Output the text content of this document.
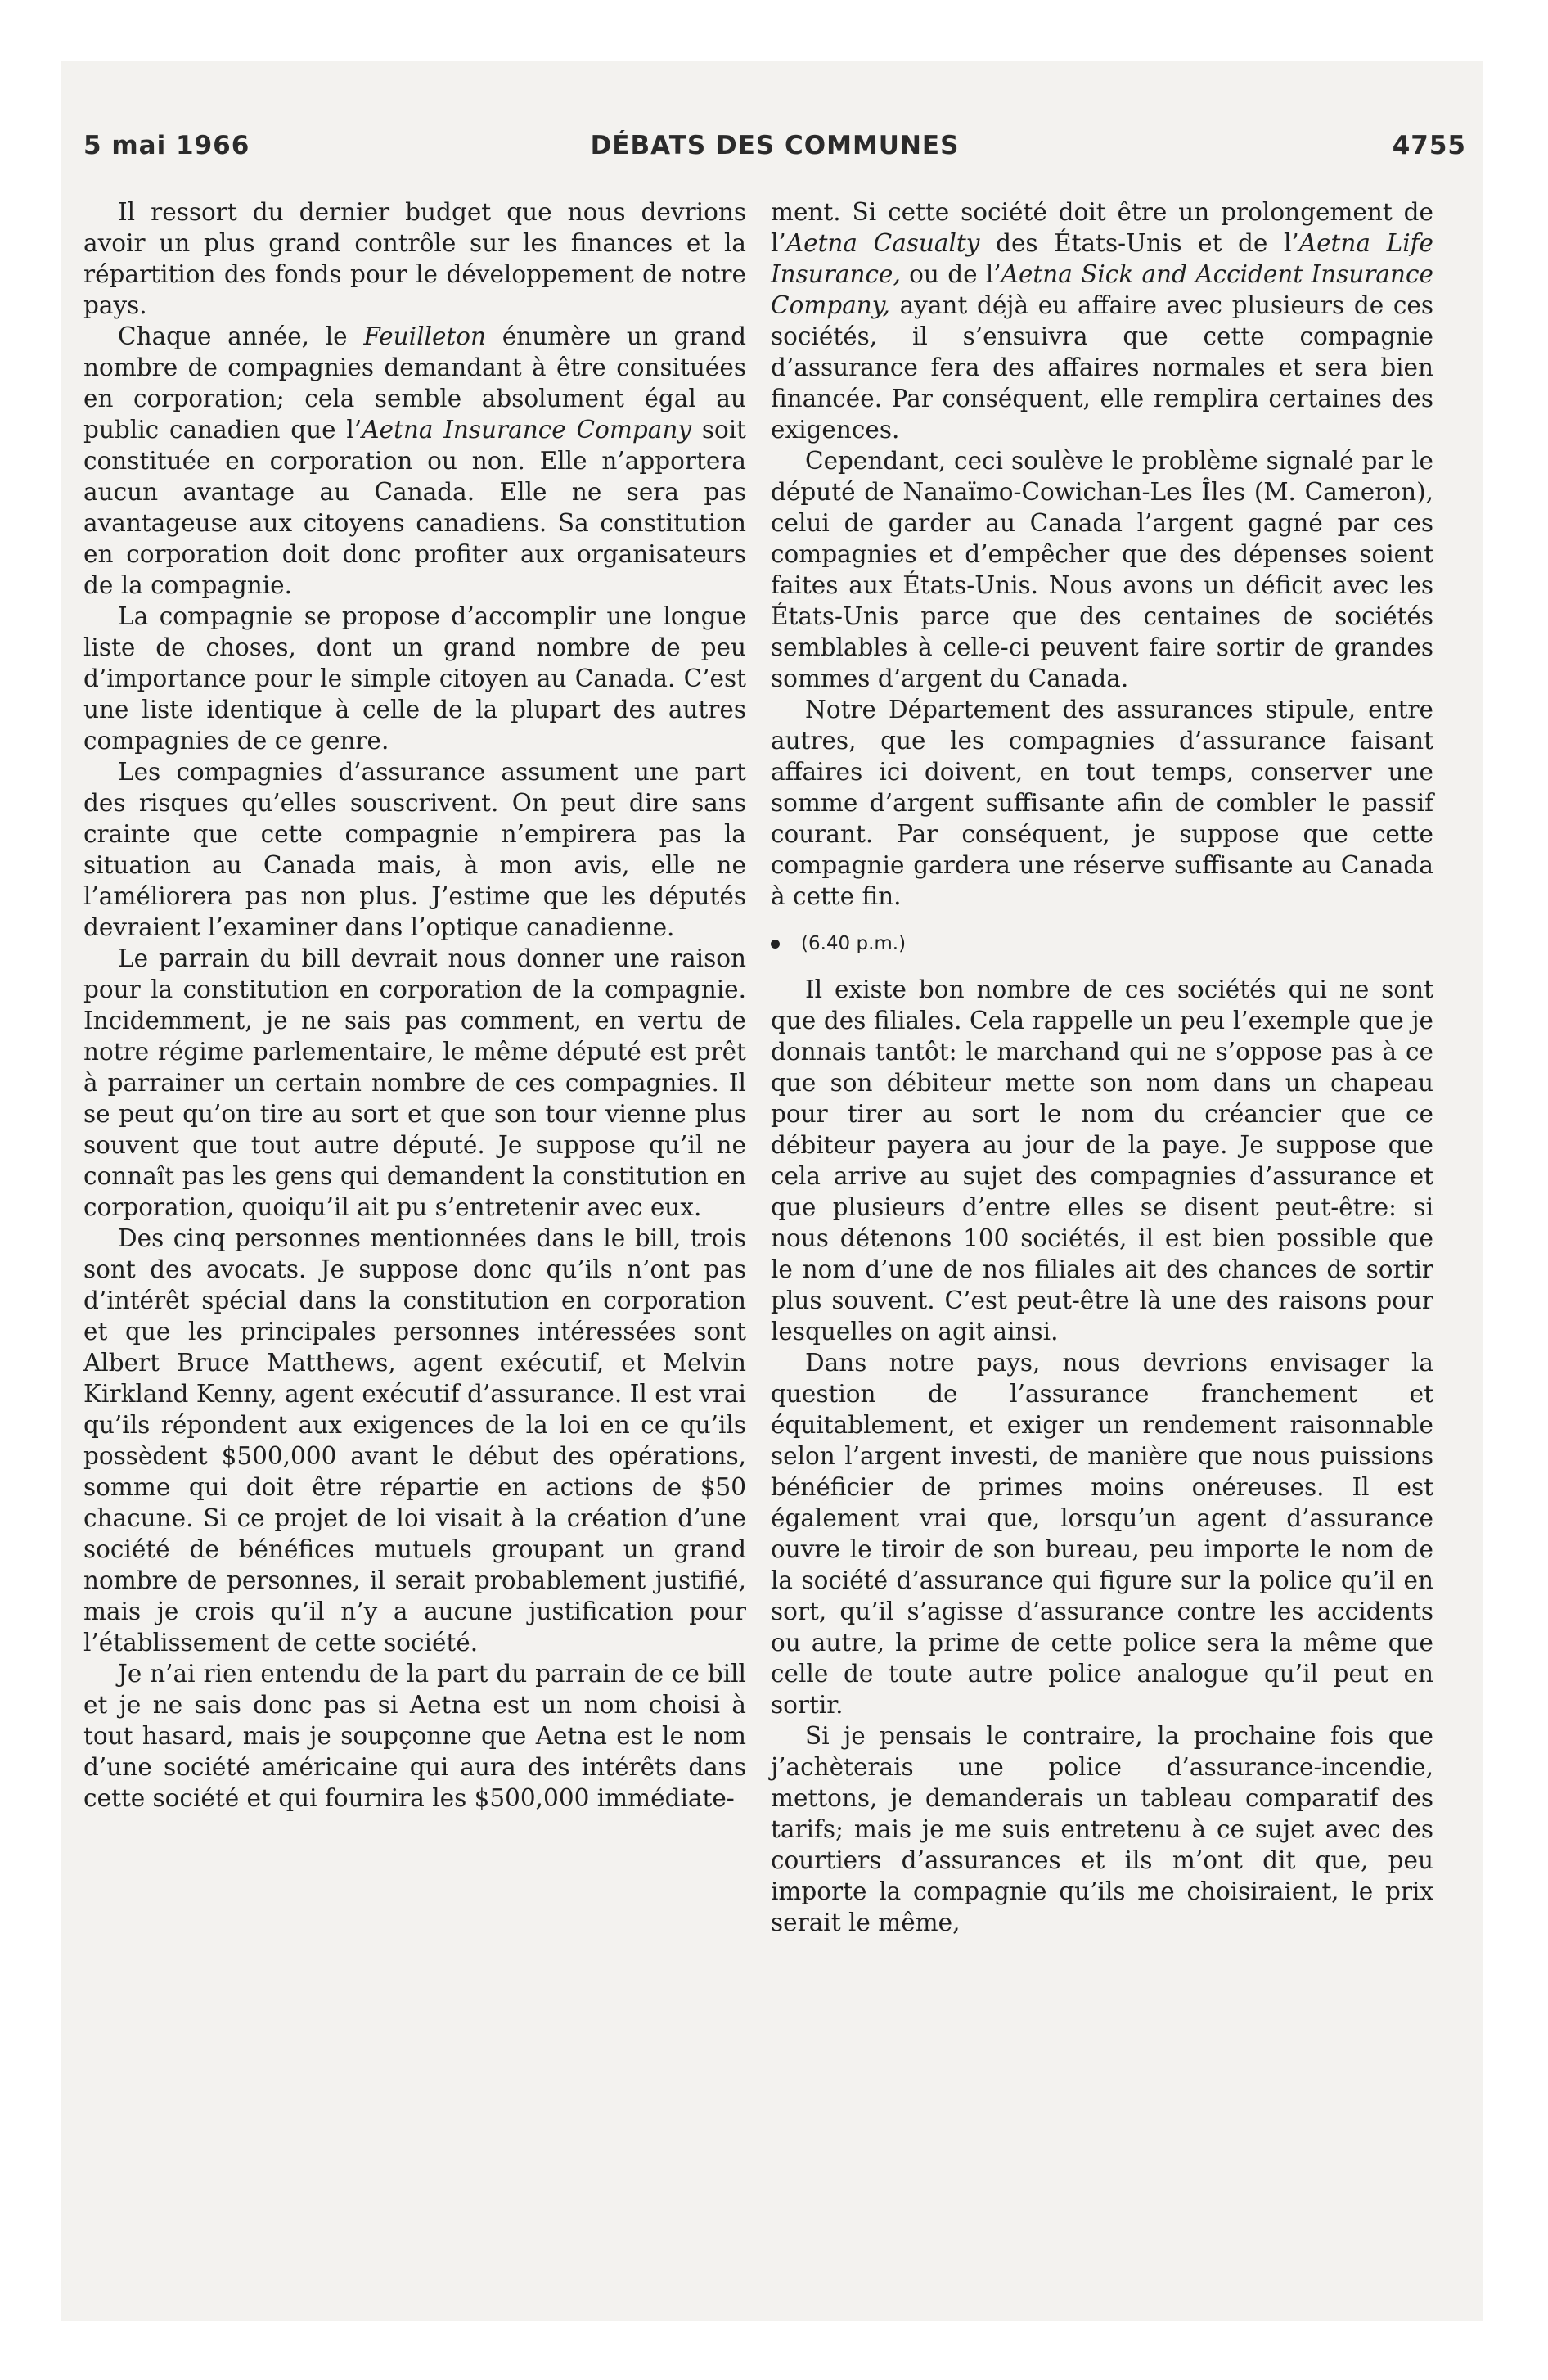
5 mai 1966	DÉBATS DES COMMUNES	4755

Il ressort du dernier budget que nous devrions avoir un plus grand contrôle sur les finances et la répartition des fonds pour le développement de notre pays.

Chaque année, le Feuilleton énumère un grand nombre de compagnies demandant à être consituées en corporation; cela semble absolument égal au public canadien que l’Aetna Insurance Company soit constituée en corporation ou non. Elle n’apportera aucun avantage au Canada. Elle ne sera pas avantageuse aux citoyens canadiens. Sa constitution en corporation doit donc profiter aux organisateurs de la compagnie.

La compagnie se propose d’accomplir une longue liste de choses, dont un grand nombre de peu d’importance pour le simple citoyen au Canada. C’est une liste identique à celle de la plupart des autres compagnies de ce genre.

Les compagnies d’assurance assument une part des risques qu’elles souscrivent. On peut dire sans crainte que cette compagnie n’empirera pas la situation au Canada mais, à mon avis, elle ne l’améliorera pas non plus. J’estime que les députés devraient l’examiner dans l’optique canadienne.

Le parrain du bill devrait nous donner une raison pour la constitution en corporation de la compagnie. Incidemment, je ne sais pas comment, en vertu de notre régime parlementaire, le même député est prêt à parrainer un certain nombre de ces compagnies. Il se peut qu’on tire au sort et que son tour vienne plus souvent que tout autre député. Je suppose qu’il ne connaît pas les gens qui demandent la constitution en corporation, quoiqu’il ait pu s’entretenir avec eux.

Des cinq personnes mentionnées dans le bill, trois sont des avocats. Je suppose donc qu’ils n’ont pas d’intérêt spécial dans la constitution en corporation et que les principales personnes intéressées sont Albert Bruce Matthews, agent exécutif, et Melvin Kirkland Kenny, agent exécutif d’assurance. Il est vrai qu’ils répondent aux exigences de la loi en ce qu’ils possèdent $500,000 avant le début des opérations, somme qui doit être répartie en actions de $50 chacune. Si ce projet de loi visait à la création d’une société de bénéfices mutuels groupant un grand nombre de personnes, il serait probablement justifié, mais je crois qu’il n’y a aucune justification pour l’établissement de cette société.

Je n’ai rien entendu de la part du parrain de ce bill et je ne sais donc pas si Aetna est un nom choisi à tout hasard, mais je soupçonne que Aetna est le nom d’une société américaine qui aura des intérêts dans cette société et qui fournira les $500,000 immédiate-

ment. Si cette société doit être un prolongement de l’Aetna Casualty des États-Unis et de l’Aetna Life Insurance, ou de l’Aetna Sick and Accident Insurance Company, ayant déjà eu affaire avec plusieurs de ces sociétés, il s’ensuivra que cette compagnie d’assurance fera des affaires normales et sera bien financée. Par conséquent, elle remplira certaines des exigences.

Cependant, ceci soulève le problème signalé par le député de Nanaïmo-Cowichan-Les Îles (M. Cameron), celui de garder au Canada l’argent gagné par ces compagnies et d’empêcher que des dépenses soient faites aux États-Unis. Nous avons un déficit avec les États-Unis parce que des centaines de sociétés semblables à celle-ci peuvent faire sortir de grandes sommes d’argent du Canada.

Notre Département des assurances stipule, entre autres, que les compagnies d’assurance faisant affaires ici doivent, en tout temps, conserver une somme d’argent suffisante afin de combler le passif courant. Par conséquent, je suppose que cette compagnie gardera une réserve suffisante au Canada à cette fin.

(6.40 p.m.)

Il existe bon nombre de ces sociétés qui ne sont que des filiales. Cela rappelle un peu l’exemple que je donnais tantôt: le marchand qui ne s’oppose pas à ce que son débiteur mette son nom dans un chapeau pour tirer au sort le nom du créancier que ce débiteur payera au jour de la paye. Je suppose que cela arrive au sujet des compagnies d’assurance et que plusieurs d’entre elles se disent peut-être: si nous détenons 100 sociétés, il est bien possible que le nom d’une de nos filiales ait des chances de sortir plus souvent. C’est peut-être là une des raisons pour lesquelles on agit ainsi.

Dans notre pays, nous devrions envisager la question de l’assurance franchement et équitablement, et exiger un rendement raisonnable selon l’argent investi, de manière que nous puissions bénéficier de primes moins onéreuses. Il est également vrai que, lorsqu’un agent d’assurance ouvre le tiroir de son bureau, peu importe le nom de la société d’assurance qui figure sur la police qu’il en sort, qu’il s’agisse d’assurance contre les accidents ou autre, la prime de cette police sera la même que celle de toute autre police analogue qu’il peut en sortir.

Si je pensais le contraire, la prochaine fois que j’achèterais une police d’assurance-incendie, mettons, je demanderais un tableau comparatif des tarifs; mais je me suis entretenu à ce sujet avec des courtiers d’assurances et ils m’ont dit que, peu importe la compagnie qu’ils me choisiraient, le prix serait le même,
